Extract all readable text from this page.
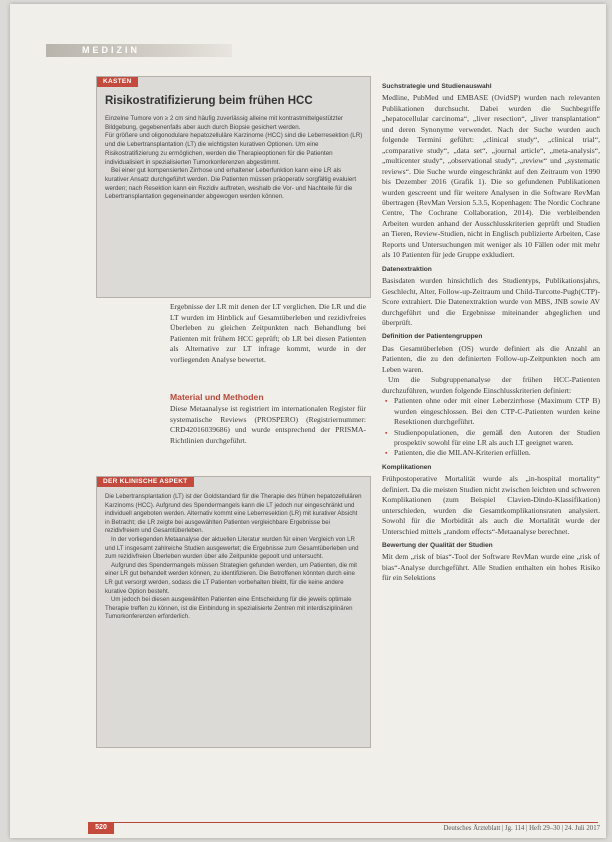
MEDIZIN
KASTEN
Risikostratifizierung beim frühen HCC

Einzelne Tumore von ≥ 2 cm sind häufig zuverlässig alleine mit kontrastmittelgestützter Bildgebung, gegebenenfalls aber auch durch Biopsie gesichert werden.

Für größere und oligonodulare hepatozelluläre Karzinome (HCC) sind die Leberresektion (LR) und die Lebertransplantation (LT) die wichtigsten kurativen Optionen. Um eine Risikostratifizierung zu ermöglichen, werden die Therapieoptionen für die Patienten individualisiert in spezialisierten Tumorkonferenzen abgestimmt.

Bei einer gut kompensierten Zirrhose und erhaltener Leberfunktion kann eine LR als kurativer Ansatz durchgeführt werden. Die Patienten müssen präoperativ sorgfältig evaluiert werden; nach Resektion kann ein Rezidiv auftreten, weshalb die Vor- und Nachteile für die Lebertransplantation gegeneinander abgewogen werden können.

Ergebnisse der LR mit denen der LT verglichen. Die LR und die LT wurden im Hinblick auf Gesamtüberleben und rezidivfreies Überleben zu gleichen Zeitpunkten nach Behandlung bei Patienten mit frühem HCC geprüft; ob LR bei diesen Patienten als Alternative zur LT infrage kommt, wurde in der vorliegenden Analyse bewertet.

Material und Methoden

Diese Metaanalyse ist registriert im internationalen Register für systematische Reviews (PROSPERO) (Registriernummer: CRD42016039686) und wurde entsprechend der PRISMA-Richtlinien durchgeführt.

DER KLINISCHE ASPEKT

Die Lebertransplantation (LT) ist der Goldstandard für die Therapie des frühen hepatozellulären Karzinoms (HCC). Aufgrund des Spendermangels kann die LT jedoch nur eingeschränkt und individuell angeboten werden. Alternativ kommt eine Leberresektion (LR) mit kurativer Absicht in Betracht; die LR zeigte bei ausgewählten Patienten vergleichbare Ergebnisse bei rezidivfreiem und Gesamtüberleben.

In der vorliegenden Metaanalyse der aktuellen Literatur wurden für einen Vergleich von LR und LT insgesamt zahlreiche Studien ausgewertet; die Ergebnisse zum Gesamtüberleben und zum rezidivfreien Überleben wurden über alle Zeitpunkte gepoolt und untersucht.

Aufgrund des Spendermangels müssen Strategien gefunden werden, um Patienten, die mit einer LR gut behandelt werden können, zu identifizieren. Die Betroffenen könnten durch eine LR gut versorgt werden, sodass die LT Patienten vorbehalten bleibt, für die keine andere kurative Option besteht.

Um jedoch bei diesen ausgewählten Patienten eine Entscheidung für die jeweils optimale Therapie treffen zu können, ist die Einbindung in spezialisierte Zentren mit interdisziplinären Tumorkonferenzen erforderlich.

Suchstrategie und Studienauswahl

Medline, PubMed und EMBASE (OvidSP) wurden nach relevanten Publikationen durchsucht. Dabei wurden die Suchbegriffe „hepatocellular carcinoma“, „liver resection“, „liver transplantation“ und deren Synonyme verwendet. Nach der Suche wurden auch folgende Termini geführt: „clinical study“, „clinical trial“, „comparative study“, „data set“, „journal article“, „meta-analysis“, „multicenter study“, „observational study“, „review“ und „systematic reviews“. Die Suche wurde eingeschränkt auf den Zeitraum von 1990 bis Dezember 2016 (Grafik 1). Die so gefundenen Publikationen wurden gescreent und für weitere Analysen in die Software RevMan übertragen (RevMan Version 5.3.5, Kopenhagen: The Nordic Cochrane Centre, The Cochrane Collaboration, 2014). Die verbleibenden Arbeiten wurden anhand der Ausschlusskriterien geprüft und Studien an Tieren, Review-Studien, nicht in Englisch publizierte Arbeiten, Case Reports und Untersuchungen mit weniger als 10 Fällen oder mit mehr als 10 Patienten für jede Gruppe exkludiert.

Datenextraktion

Basisdaten wurden hinsichtlich des Studientyps, Publikationsjahrs, Geschlecht, Alter, Follow-up-Zeitraum und Child-Turcotte-Pugh(CTP)-Score extrahiert. Die Datenextraktion wurde von MBS, JNB sowie AV durchgeführt und die Ergebnisse miteinander abgeglichen und überprüft.

Definition der Patientengruppen

Das Gesamtüberleben (OS) wurde definiert als die Anzahl an Patienten, die zu den definierten Follow-up-Zeitpunkten noch am Leben waren.

Um die Subgruppenanalyse der frühen HCC-Patienten durchzuführen, wurden folgende Einschlusskriterien definiert:

▪ Patienten ohne oder mit einer Leberzirrhose (Maximum CTP B) wurden eingeschlossen. Bei den CTP-C-Patienten wurden keine Resektionen durchgeführt.
▪ Studienpopulationen, die gemäß den Autoren der Studien prospektiv sowohl für eine LR als auch LT geeignet waren.
▪ Patienten, die die MILAN-Kriterien erfüllen.
Komplikationen

Frühpostoperative Mortalität wurde als „in-hospital mortality“ definiert. Da die meisten Studien nicht zwischen leichten und schweren Komplikationen (zum Beispiel Clavien-Dindo-Klassifikation) unterschieden, wurden die Gesamtkomplikationsraten analysiert. Sowohl für die Morbidität als auch die Mortalität wurde der Unterschied mittels „random effects“-Metaanalyse berechnet.

Bewertung der Qualität der Studien

Mit dem „risk of bias“-Tool der Software RevMan wurde eine „risk of bias“-Analyse durchgeführt. Alle Studien enthalten ein hohes Risiko für ein Selektions

520	Deutsches Ärzteblatt | Jg. 114 | Heft 29–30 | 24. Juli 2017
